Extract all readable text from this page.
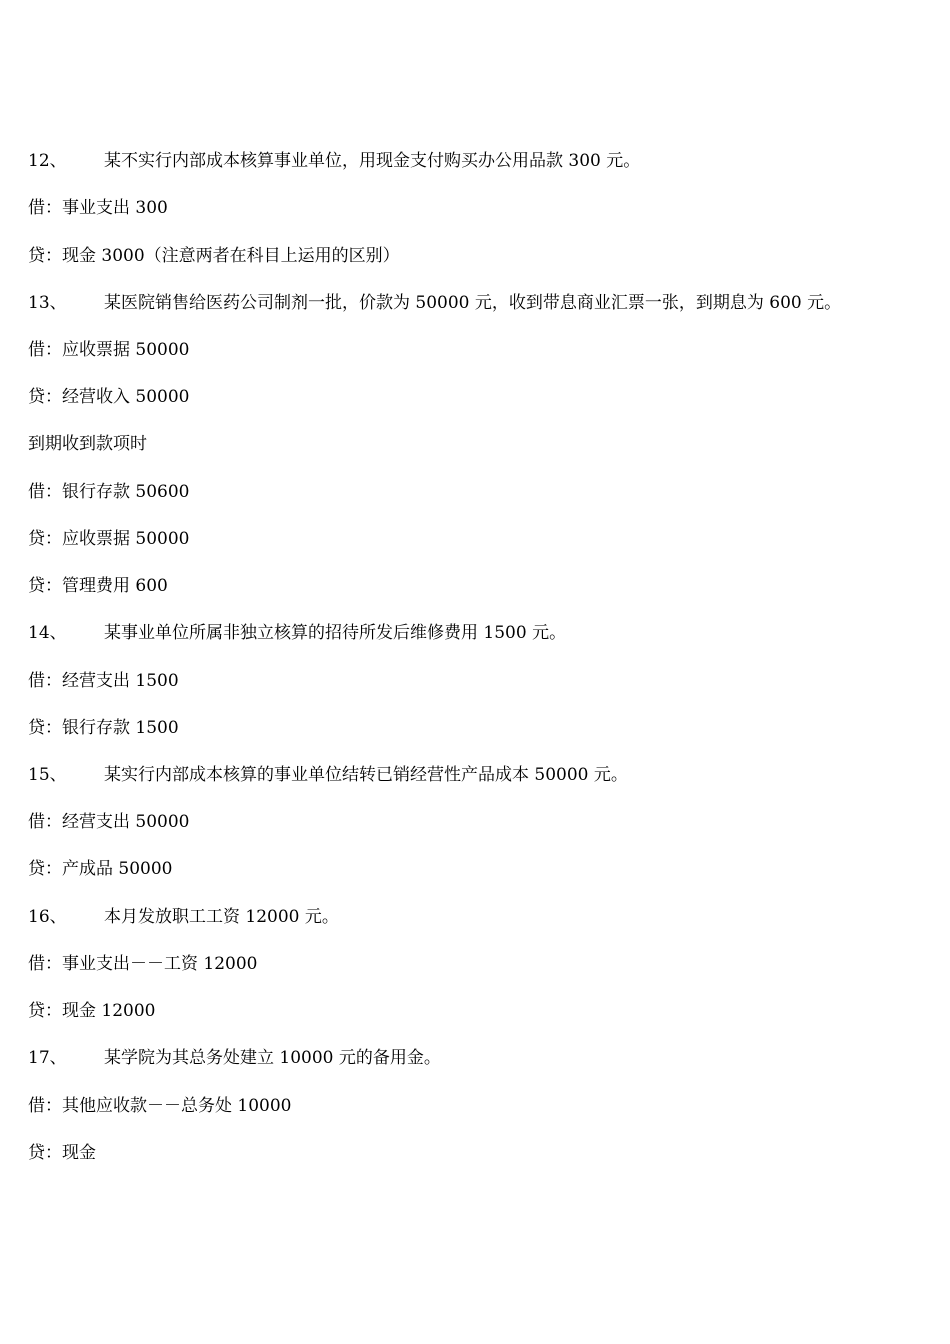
12、 某不实行内部成本核算事业单位，用现金支付购买办公用品款 300 元。
借：事业支出 300
贷：现金 3000（注意两者在科目上运用的区别）
13、 某医院销售给医药公司制剂一批，价款为 50000 元，收到带息商业汇票一张，到期息为 600 元。
借：应收票据 50000
贷：经营收入 50000
到期收到款项时
借：银行存款 50600
贷：应收票据 50000
贷：管理费用 600
14、 某事业单位所属非独立核算的招待所发后维修费用 1500 元。
借：经营支出 1500
贷：银行存款 1500
15、 某实行内部成本核算的事业单位结转已销经营性产品成本 50000 元。
借：经营支出 50000
贷：产成品 50000
16、 本月发放职工工资 12000 元。
借：事业支出－－工资 12000
贷：现金 12000
17、 某学院为其总务处建立 10000 元的备用金。
借：其他应收款－－总务处 10000
贷：现金
